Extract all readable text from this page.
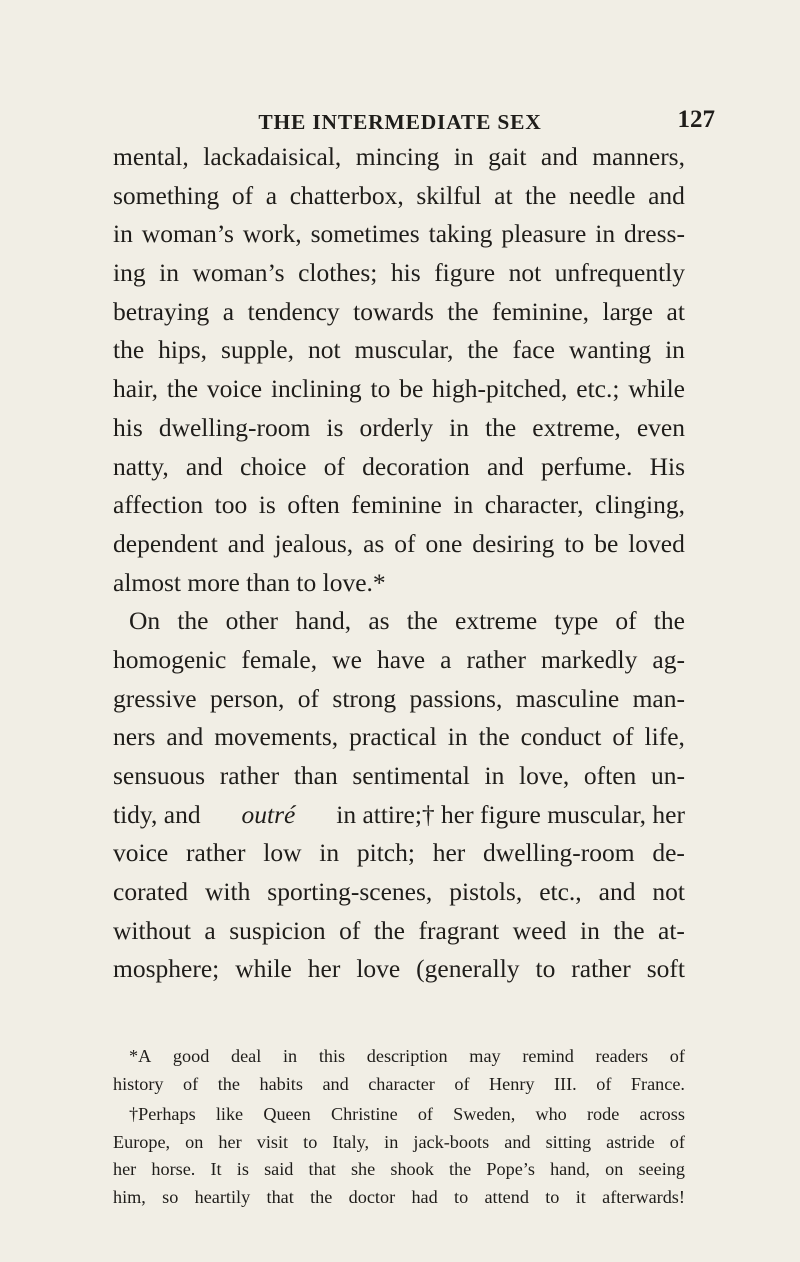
THE INTERMEDIATE SEX	127
mental, lackadaisical, mincing in gait and manners,
something of a chatterbox, skilful at the needle and
in woman’s work, sometimes taking pleasure in dress-
ing in woman’s clothes; his figure not unfrequently
betraying a tendency towards the feminine, large at
the hips, supple, not muscular, the face wanting in
hair, the voice inclining to be high-pitched, etc.; while
his dwelling-room is orderly in the extreme, even
natty, and choice of decoration and perfume. His
affection too is often feminine in character, clinging,
dependent and jealous, as of one desiring to be loved
almost more than to love.*
On the other hand, as the extreme type of the
homogenic female, we have a rather markedly ag-
gressive person, of strong passions, masculine man-
ners and movements, practical in the conduct of life,
sensuous rather than sentimental in love, often un-
tidy, and outré in attire;† her figure muscular, her
voice rather low in pitch; her dwelling-room de-
corated with sporting-scenes, pistols, etc., and not
without a suspicion of the fragrant weed in the at-
mosphere; while her love (generally to rather soft
*A good deal in this description may remind readers of
history of the habits and character of Henry III. of France.
†Perhaps like Queen Christine of Sweden, who rode across
Europe, on her visit to Italy, in jack-boots and sitting astride of
her horse. It is said that she shook the Pope’s hand, on seeing
him, so heartily that the doctor had to attend to it afterwards!
